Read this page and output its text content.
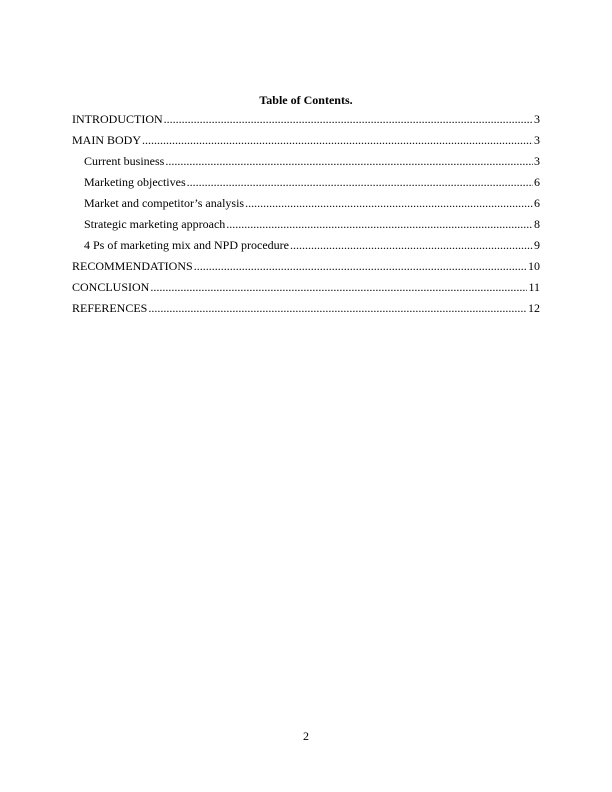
Table of Contents.
INTRODUCTION .....	3
MAIN BODY .....	3
Current business .....	3
Marketing objectives .....	6
Market and competitor’s analysis .....	6
Strategic marketing approach .....	8
4 Ps of marketing mix and NPD procedure .....	9
RECOMMENDATIONS .....	10
CONCLUSION .....	11
REFERENCES .....	12
2
